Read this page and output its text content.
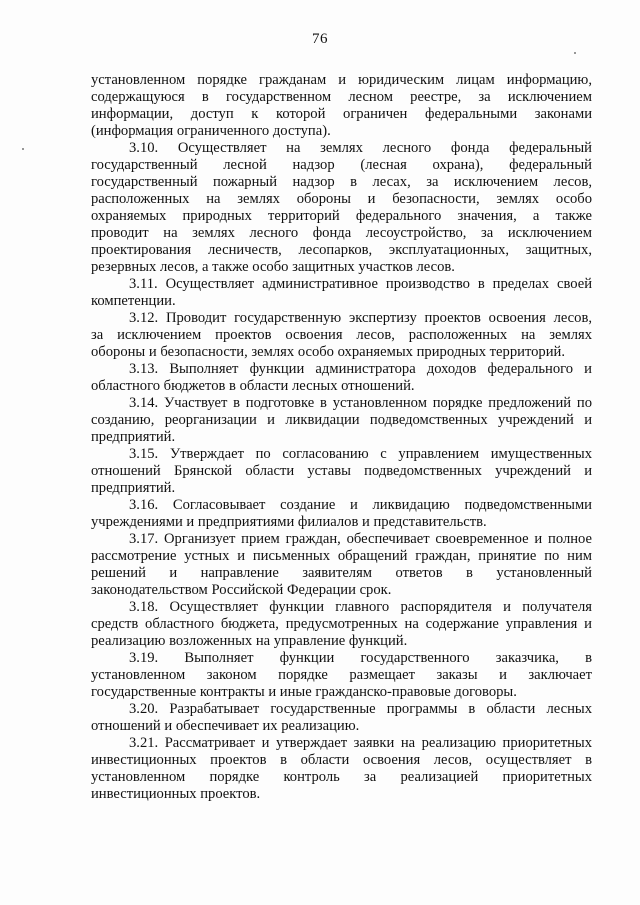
76
установленном порядке гражданам и юридическим лицам информацию,
содержащуюся в государственном лесном реестре, за исключением
информации, доступ к которой ограничен федеральными законами
(информация ограниченного доступа).
3.10. Осуществляет на землях лесного фонда федеральный
государственный лесной надзор (лесная охрана), федеральный
государственный пожарный надзор в лесах, за исключением лесов,
расположенных на землях обороны и безопасности, землях особо
охраняемых природных территорий федерального значения, а также
проводит на землях лесного фонда лесоустройство, за исключением
проектирования лесничеств, лесопарков, эксплуатационных, защитных,
резервных лесов, а также особо защитных участков лесов.
3.11. Осуществляет административное производство в пределах своей
компетенции.
3.12. Проводит государственную экспертизу проектов освоения лесов,
за исключением проектов освоения лесов, расположенных на землях
обороны и безопасности, землях особо охраняемых природных территорий.
3.13. Выполняет функции администратора доходов федерального и
областного бюджетов в области лесных отношений.
3.14. Участвует в подготовке в установленном порядке предложений по
созданию, реорганизации и ликвидации подведомственных учреждений и
предприятий.
3.15. Утверждает по согласованию с управлением имущественных
отношений Брянской области уставы подведомственных учреждений и
предприятий.
3.16. Согласовывает создание и ликвидацию подведомственными
учреждениями и предприятиями филиалов и представительств.
3.17. Организует прием граждан, обеспечивает своевременное и полное
рассмотрение устных и письменных обращений граждан, принятие по ним
решений и направление заявителям ответов в установленный
законодательством Российской Федерации срок.
3.18. Осуществляет функции главного распорядителя и получателя
средств областного бюджета, предусмотренных на содержание управления и
реализацию возложенных на управление функций.
3.19. Выполняет функции государственного заказчика, в
установленном законом порядке размещает заказы и заключает
государственные контракты и иные гражданско-правовые договоры.
3.20. Разрабатывает государственные программы в области лесных
отношений и обеспечивает их реализацию.
3.21. Рассматривает и утверждает заявки на реализацию приоритетных
инвестиционных проектов в области освоения лесов, осуществляет в
установленном порядке контроль за реализацией приоритетных
инвестиционных проектов.
